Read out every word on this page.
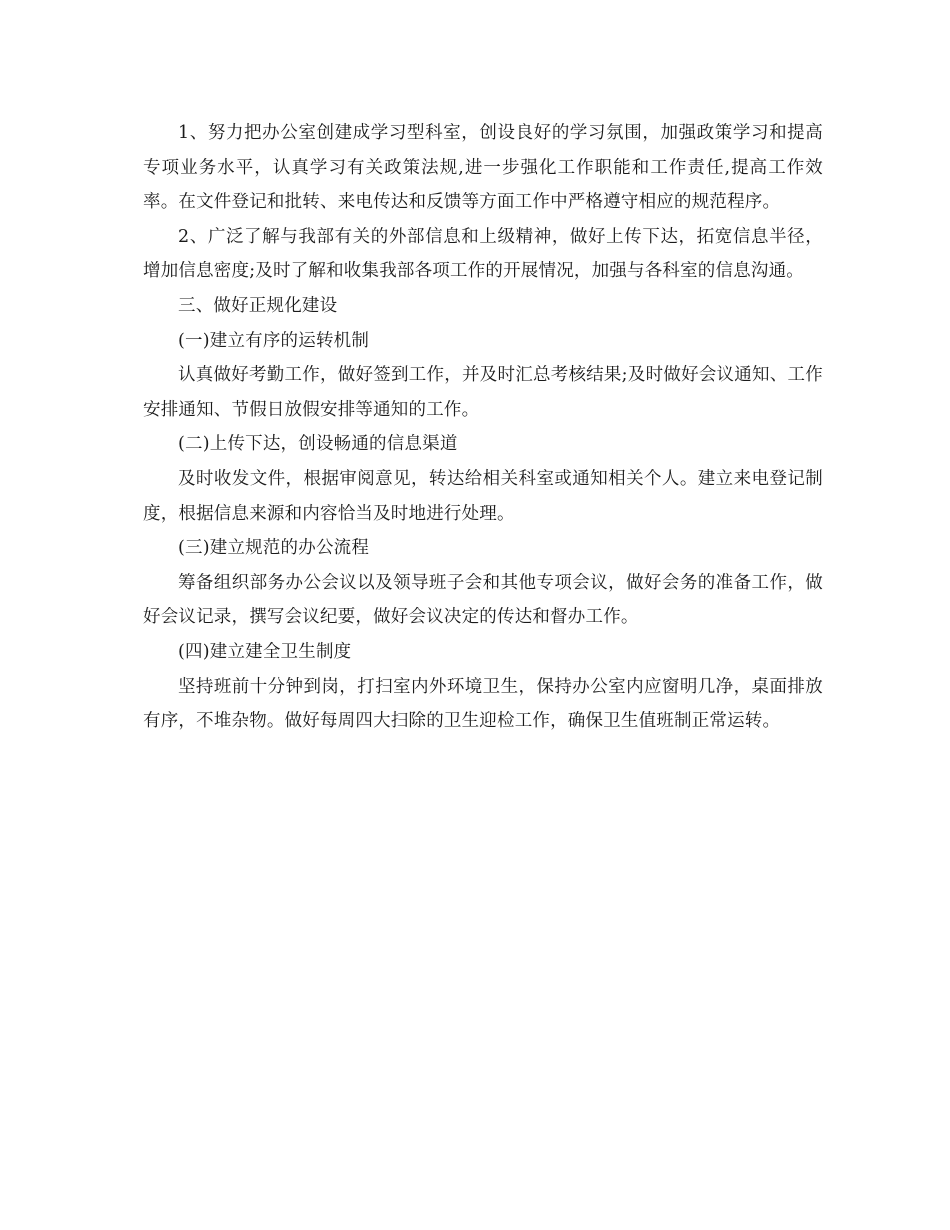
1、努力把办公室创建成学习型科室，创设良好的学习氛围，加强政策学习和提高专项业务水平，认真学习有关政策法规,进一步强化工作职能和工作责任,提高工作效率。在文件登记和批转、来电传达和反馈等方面工作中严格遵守相应的规范程序。

2、广泛了解与我部有关的外部信息和上级精神，做好上传下达，拓宽信息半径，增加信息密度;及时了解和收集我部各项工作的开展情况，加强与各科室的信息沟通。

三、做好正规化建设

(一)建立有序的运转机制

认真做好考勤工作，做好签到工作，并及时汇总考核结果;及时做好会议通知、工作安排通知、节假日放假安排等通知的工作。

(二)上传下达，创设畅通的信息渠道

及时收发文件，根据审阅意见，转达给相关科室或通知相关个人。建立来电登记制度，根据信息来源和内容恰当及时地进行处理。

(三)建立规范的办公流程

筹备组织部务办公会议以及领导班子会和其他专项会议，做好会务的准备工作，做好会议记录，撰写会议纪要，做好会议决定的传达和督办工作。

(四)建立建全卫生制度

坚持班前十分钟到岗，打扫室内外环境卫生，保持办公室内应窗明几净，桌面排放有序，不堆杂物。做好每周四大扫除的卫生迎检工作，确保卫生值班制正常运转。
